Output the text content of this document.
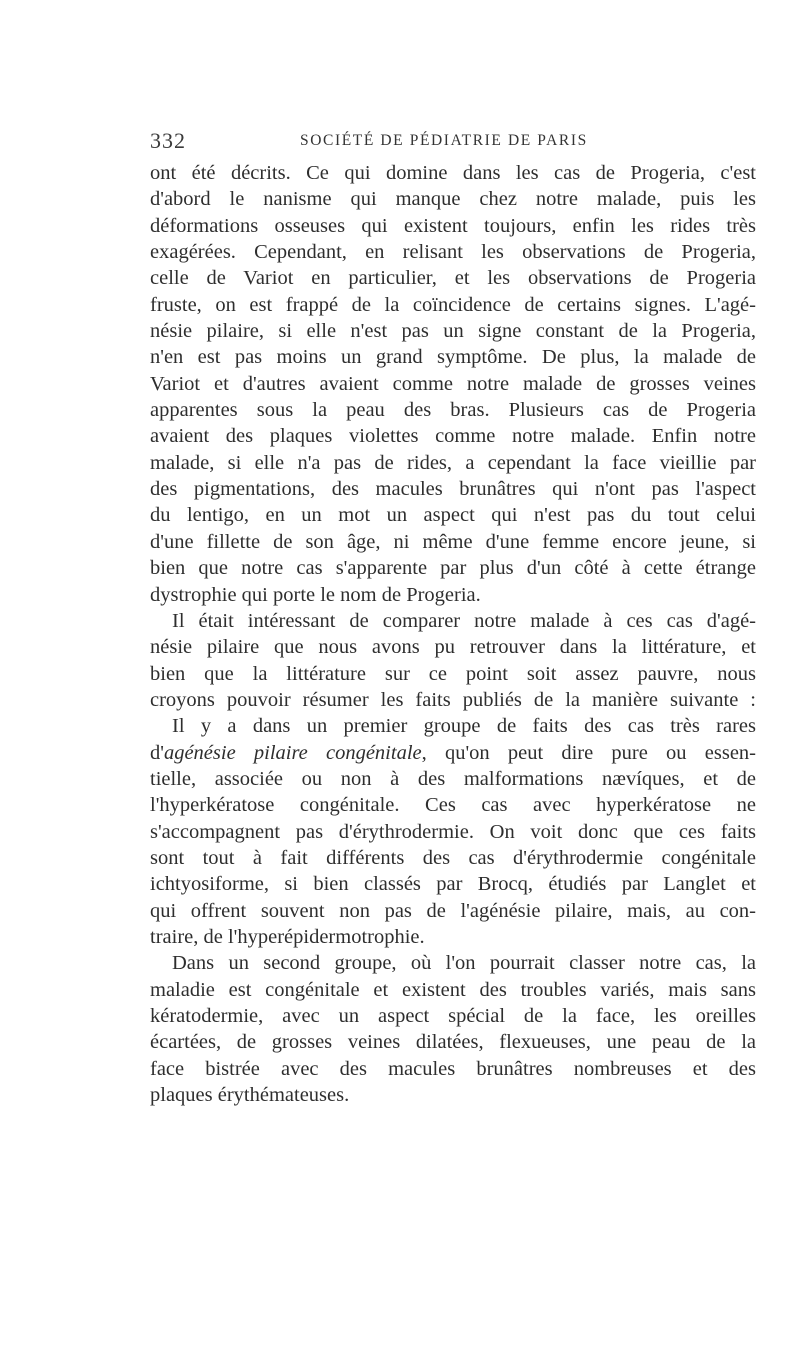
332	SOCIÉTÉ DE PÉDIATRIE DE PARIS
ont été décrits. Ce qui domine dans les cas de Progeria, c'est
d'abord le nanisme qui manque chez notre malade, puis les
déformations osseuses qui existent toujours, enfin les rides très
exagérées. Cependant, en relisant les observations de Progeria,
celle de Variot en particulier, et les observations de Progeria
fruste, on est frappé de la coïncidence de certains signes. L'agé-
nésie pilaire, si elle n'est pas un signe constant de la Progeria,
n'en est pas moins un grand symptôme. De plus, la malade de
Variot et d'autres avaient comme notre malade de grosses veines
apparentes sous la peau des bras. Plusieurs cas de Progeria
avaient des plaques violettes comme notre malade. Enfin notre
malade, si elle n'a pas de rides, a cependant la face vieillie par
des pigmentations, des macules brunâtres qui n'ont pas l'aspect
du lentigo, en un mot un aspect qui n'est pas du tout celui
d'une fillette de son âge, ni même d'une femme encore jeune, si
bien que notre cas s'apparente par plus d'un côté à cette étrange
dystrophie qui porte le nom de Progeria.
Il était intéressant de comparer notre malade à ces cas d'agé-
nésie pilaire que nous avons pu retrouver dans la littérature, et
bien que la littérature sur ce point soit assez pauvre, nous
croyons pouvoir résumer les faits publiés de la manière suivante :
Il y a dans un premier groupe de faits des cas très rares
d'agénésie pilaire congénitale, qu'on peut dire pure ou essen-
tielle, associée ou non à des malformations nævíques, et de
l'hyperkératose congénitale. Ces cas avec hyperkératose ne
s'accompagnent pas d'érythrodermie. On voit donc que ces faits
sont tout à fait différents des cas d'érythrodermie congénitale
ichtyosiforme, si bien classés par Brocq, étudiés par Langlet et
qui offrent souvent non pas de l'agénésie pilaire, mais, au con-
traire, de l'hyperépidermotrophie.
Dans un second groupe, où l'on pourrait classer notre cas, la
maladie est congénitale et existent des troubles variés, mais sans
kératodermie, avec un aspect spécial de la face, les oreilles
écartées, de grosses veines dilatées, flexueuses, une peau de la
face bistrée avec des macules brunâtres nombreuses et des
plaques érythémateuses.
